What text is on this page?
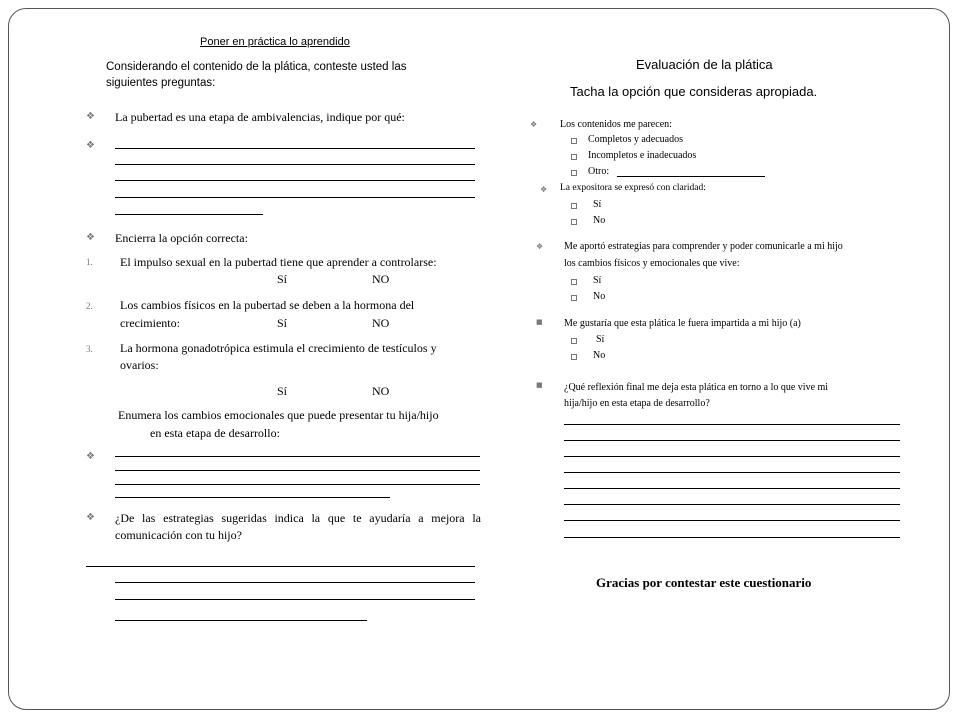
Poner en práctica lo aprendido
Considerando el contenido de la plática, conteste usted las
siguientes preguntas:
❖ La pubertad es una etapa de ambivalencias, indique por qué:
❖
❖ Encierra la opción correcta:
1. El impulso sexual en la pubertad tiene que aprender a controlarse:
Sí	NO
2. Los cambios físicos en la pubertad se deben a la hormona del
crecimiento:	Sí	NO
3. La hormona gonadotrópica estimula el crecimiento de testículos y
ovarios:
Sí	NO
Enumera los cambios emocionales que puede presentar tu hija/hijo
en esta etapa de desarrollo:
❖
❖ ¿De las estrategias sugeridas indica la que te ayudaría a mejora la
comunicación con tu hijo?
Evaluación de la plática
Tacha la opción que consideras apropiada.
❖ Los contenidos me parecen:
Completos y adecuados
Incompletos e inadecuados
Otro:
❖ La expositora se expresó con claridad:
Sí
No
❖ Me aportó estrategias para comprender y poder comunicarle a mi hijo
los cambios físicos y emocionales que vive:
Sí
No
■ Me gustaría que esta plática le fuera impartida a mi hijo (a)
Sí
No
■ ¿Qué reflexión final me deja esta plática en torno a lo que vive mi
hija/hijo en esta etapa de desarrollo?
Gracias por contestar este cuestionario
